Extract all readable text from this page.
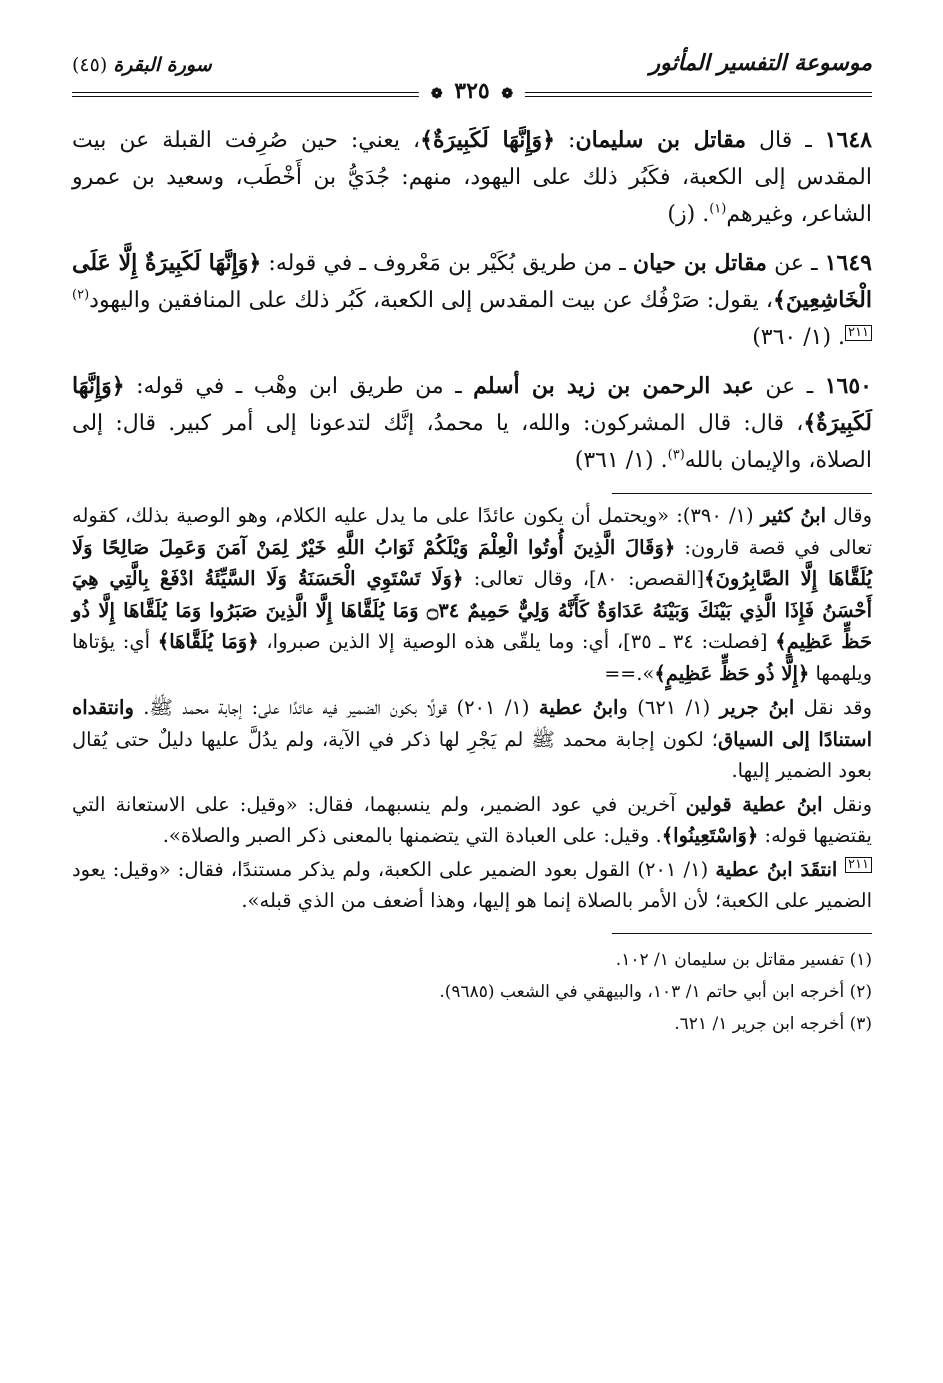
موسوعة التفسير المأثور
❁ ٣٢٥ ❁
سورة البقرة (٤٥)

١٦٤٨ ـ قال مقاتل بن سليمان: ﴿وَإِنَّهَا لَكَبِيرَةٌ﴾، يعني: حين صُرِفت القبلة عن بيت المقدس إلى الكعبة، فكَبُر ذلك على اليهود، منهم: جُدَيُّ بن أَخْطَب، وسعيد بن عمرو الشاعر، وغيرهم$^{(١)}$. (ز)

١٦٤٩ ـ عن مقاتل بن حيان ـ من طريق بُكَيْر بن مَعْروف ـ في قوله: ﴿وَإِنَّهَا لَكَبِيرَةٌ إِلَّا عَلَى الْخَاشِعِينَ﴾، يقول: صَرْفُك عن بيت المقدس إلى الكعبة، كَبُر ذلك على المنافقين واليهود$^{(٢)}$٢١١. (١/ ٣٦٠)

١٦٥٠ ـ عن عبد الرحمن بن زيد بن أسلم ـ من طريق ابن وهْب ـ في قوله: ﴿وَإِنَّهَا لَكَبِيرَةٌ﴾، قال: قال المشركون: والله، يا محمدُ، إنَّك لتدعونا إلى أمر كبير. قال: إلى الصلاة، والإيمان بالله$^{(٣)}$. (١/ ٣٦١)

وقال ابنُ كثير (١/ ٣٩٠): «ويحتمل أن يكون عائدًا على ما يدل عليه الكلام، وهو الوصية بذلك، كقوله تعالى في قصة قارون: ﴿وَقَالَ الَّذِينَ أُوتُوا الْعِلْمَ وَيْلَكُمْ ثَوَابُ اللَّهِ خَيْرٌ لِمَنْ آمَنَ وَعَمِلَ صَالِحًا وَلَا يُلَقَّاهَا إِلَّا الصَّابِرُونَ﴾[القصص: ٨٠]، وقال تعالى: ﴿وَلَا تَسْتَوِي الْحَسَنَةُ وَلَا السَّيِّئَةُ ادْفَعْ بِالَّتِي هِيَ أَحْسَنُ فَإِذَا الَّذِي بَيْنَكَ وَبَيْنَهُ عَدَاوَةٌ كَأَنَّهُ وَلِيٌّ حَمِيمٌ ۝٣٤ وَمَا يُلَقَّاهَا إِلَّا الَّذِينَ صَبَرُوا وَمَا يُلَقَّاهَا إِلَّا ذُو حَظٍّ عَظِيمٍ﴾ [فصلت: ٣٤ ـ ٣٥]، أي: وما يلقّى هذه الوصية إلا الذين صبروا، ﴿وَمَا يُلَقَّاهَا﴾ أي: يؤتاها ويلهمها ﴿إِلَّا ذُو حَظٍّ عَظِيمٍ﴾».==

وقد نقل ابنُ جرير (١/ ٦٢١) وابنُ عطية (١/ ٢٠١) قولًا بكون الضمير فيه عائدًا على: إجابة محمد ﷺ. وانتقداه استنادًا إلى السياق؛ لكون إجابة محمد ﷺ لم يَجْرِ لها ذكر في الآية، ولم يدُلَّ عليها دليلٌ حتى يُقال بعود الضمير إليها.

ونقل ابنُ عطية قولين آخرين في عود الضمير، ولم ينسبهما، فقال: «وقيل: على الاستعانة التي يقتضيها قوله: ﴿وَاسْتَعِينُوا﴾. وقيل: على العبادة التي يتضمنها بالمعنى ذكر الصبر والصلاة».

٢١١ انتقَدَ ابنُ عطية (١/ ٢٠١) القول بعود الضمير على الكعبة، ولم يذكر مستندًا، فقال: «وقيل: يعود الضمير على الكعبة؛ لأن الأمر بالصلاة إنما هو إليها، وهذا أضعف من الذي قبله».

(١) تفسير مقاتل بن سليمان ١/ ١٠٢.

(٢) أخرجه ابن أبي حاتم ١/ ١٠٣، والبيهقي في الشعب (٩٦٨٥).

(٣) أخرجه ابن جرير ١/ ٦٢١.
